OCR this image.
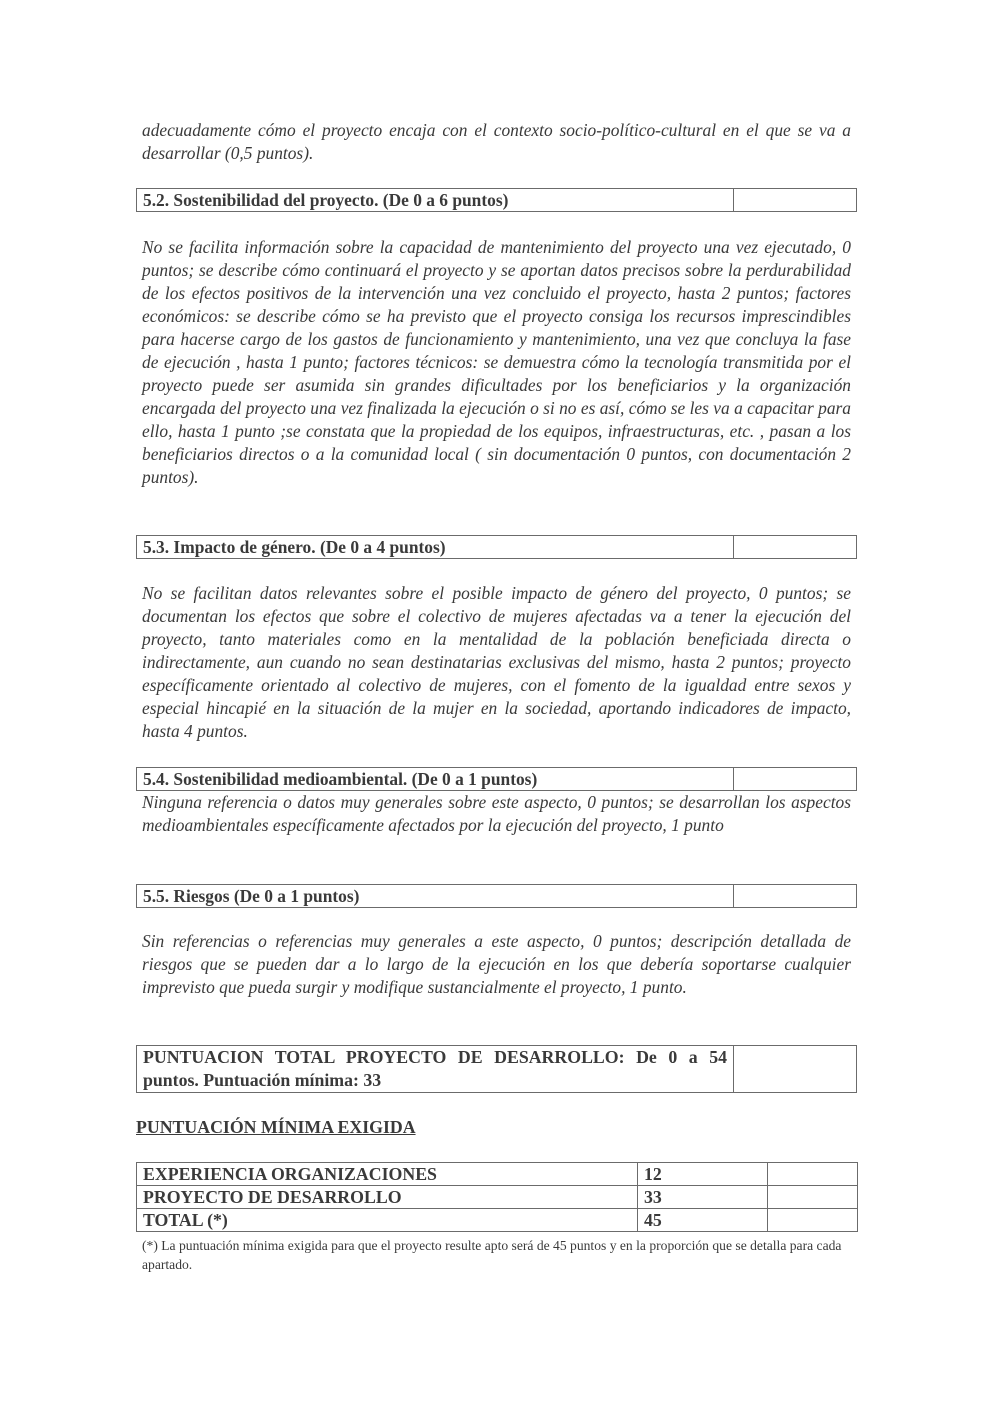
adecuadamente cómo el proyecto encaja con el contexto socio-político-cultural en el que se va a desarrollar (0,5 puntos).

5.2. Sostenibilidad del proyecto. (De 0 a 6 puntos)	

No se facilita información sobre la capacidad de mantenimiento del proyecto una vez ejecutado, 0 puntos; se describe cómo continuará el proyecto y se aportan datos precisos sobre la perdurabilidad de los efectos positivos de la intervención una vez concluido el proyecto, hasta 2 puntos; factores económicos: se describe cómo se ha previsto que el proyecto consiga los recursos imprescindibles para hacerse cargo de los gastos de funcionamiento y mantenimiento, una vez que concluya la fase de ejecución , hasta 1 punto; factores técnicos: se demuestra cómo la tecnología transmitida por el proyecto puede ser asumida sin grandes dificultades por los beneficiarios y la organización encargada del proyecto una vez finalizada la ejecución o si no es así, cómo se les va a capacitar para ello, hasta 1 punto ;se constata que la propiedad de los equipos, infraestructuras, etc. , pasan a los beneficiarios directos o a la comunidad local ( sin documentación 0 puntos, con documentación 2 puntos).

5.3. Impacto de género. (De 0 a 4 puntos)	

No se facilitan datos relevantes sobre el posible impacto de género del proyecto, 0 puntos; se documentan los efectos que sobre el colectivo de mujeres afectadas va a tener la ejecución del proyecto, tanto materiales como en la mentalidad de la población beneficiada directa o indirectamente, aun cuando no sean destinatarias exclusivas del mismo, hasta 2 puntos; proyecto específicamente orientado al colectivo de mujeres, con el fomento de la igualdad entre sexos y especial hincapié en la situación de la mujer en la sociedad, aportando indicadores de impacto, hasta 4 puntos.

5.4. Sostenibilidad medioambiental. (De 0 a 1 puntos)	

Ninguna referencia o datos muy generales sobre este aspecto, 0 puntos; se desarrollan los aspectos medioambientales específicamente afectados por la ejecución del proyecto, 1 punto

5.5. Riesgos (De 0 a 1 puntos)	

Sin referencias o referencias muy generales a este aspecto, 0 puntos; descripción detallada de riesgos que se pueden dar a lo largo de la ejecución en los que debería soportarse cualquier imprevisto que pueda surgir y modifique sustancialmente el proyecto, 1 punto.

PUNTUACION TOTAL PROYECTO DE DESARROLLO: De 0 a 54 puntos. Puntuación mínima: 33	

PUNTUACIÓN MÍNIMA EXIGIDA

EXPERIENCIA ORGANIZACIONES	12	
PROYECTO DE DESARROLLO	33	
TOTAL (*)	45	

(*) La puntuación mínima exigida para que el proyecto resulte apto será de 45 puntos y en la proporción que se detalla para cada apartado.
